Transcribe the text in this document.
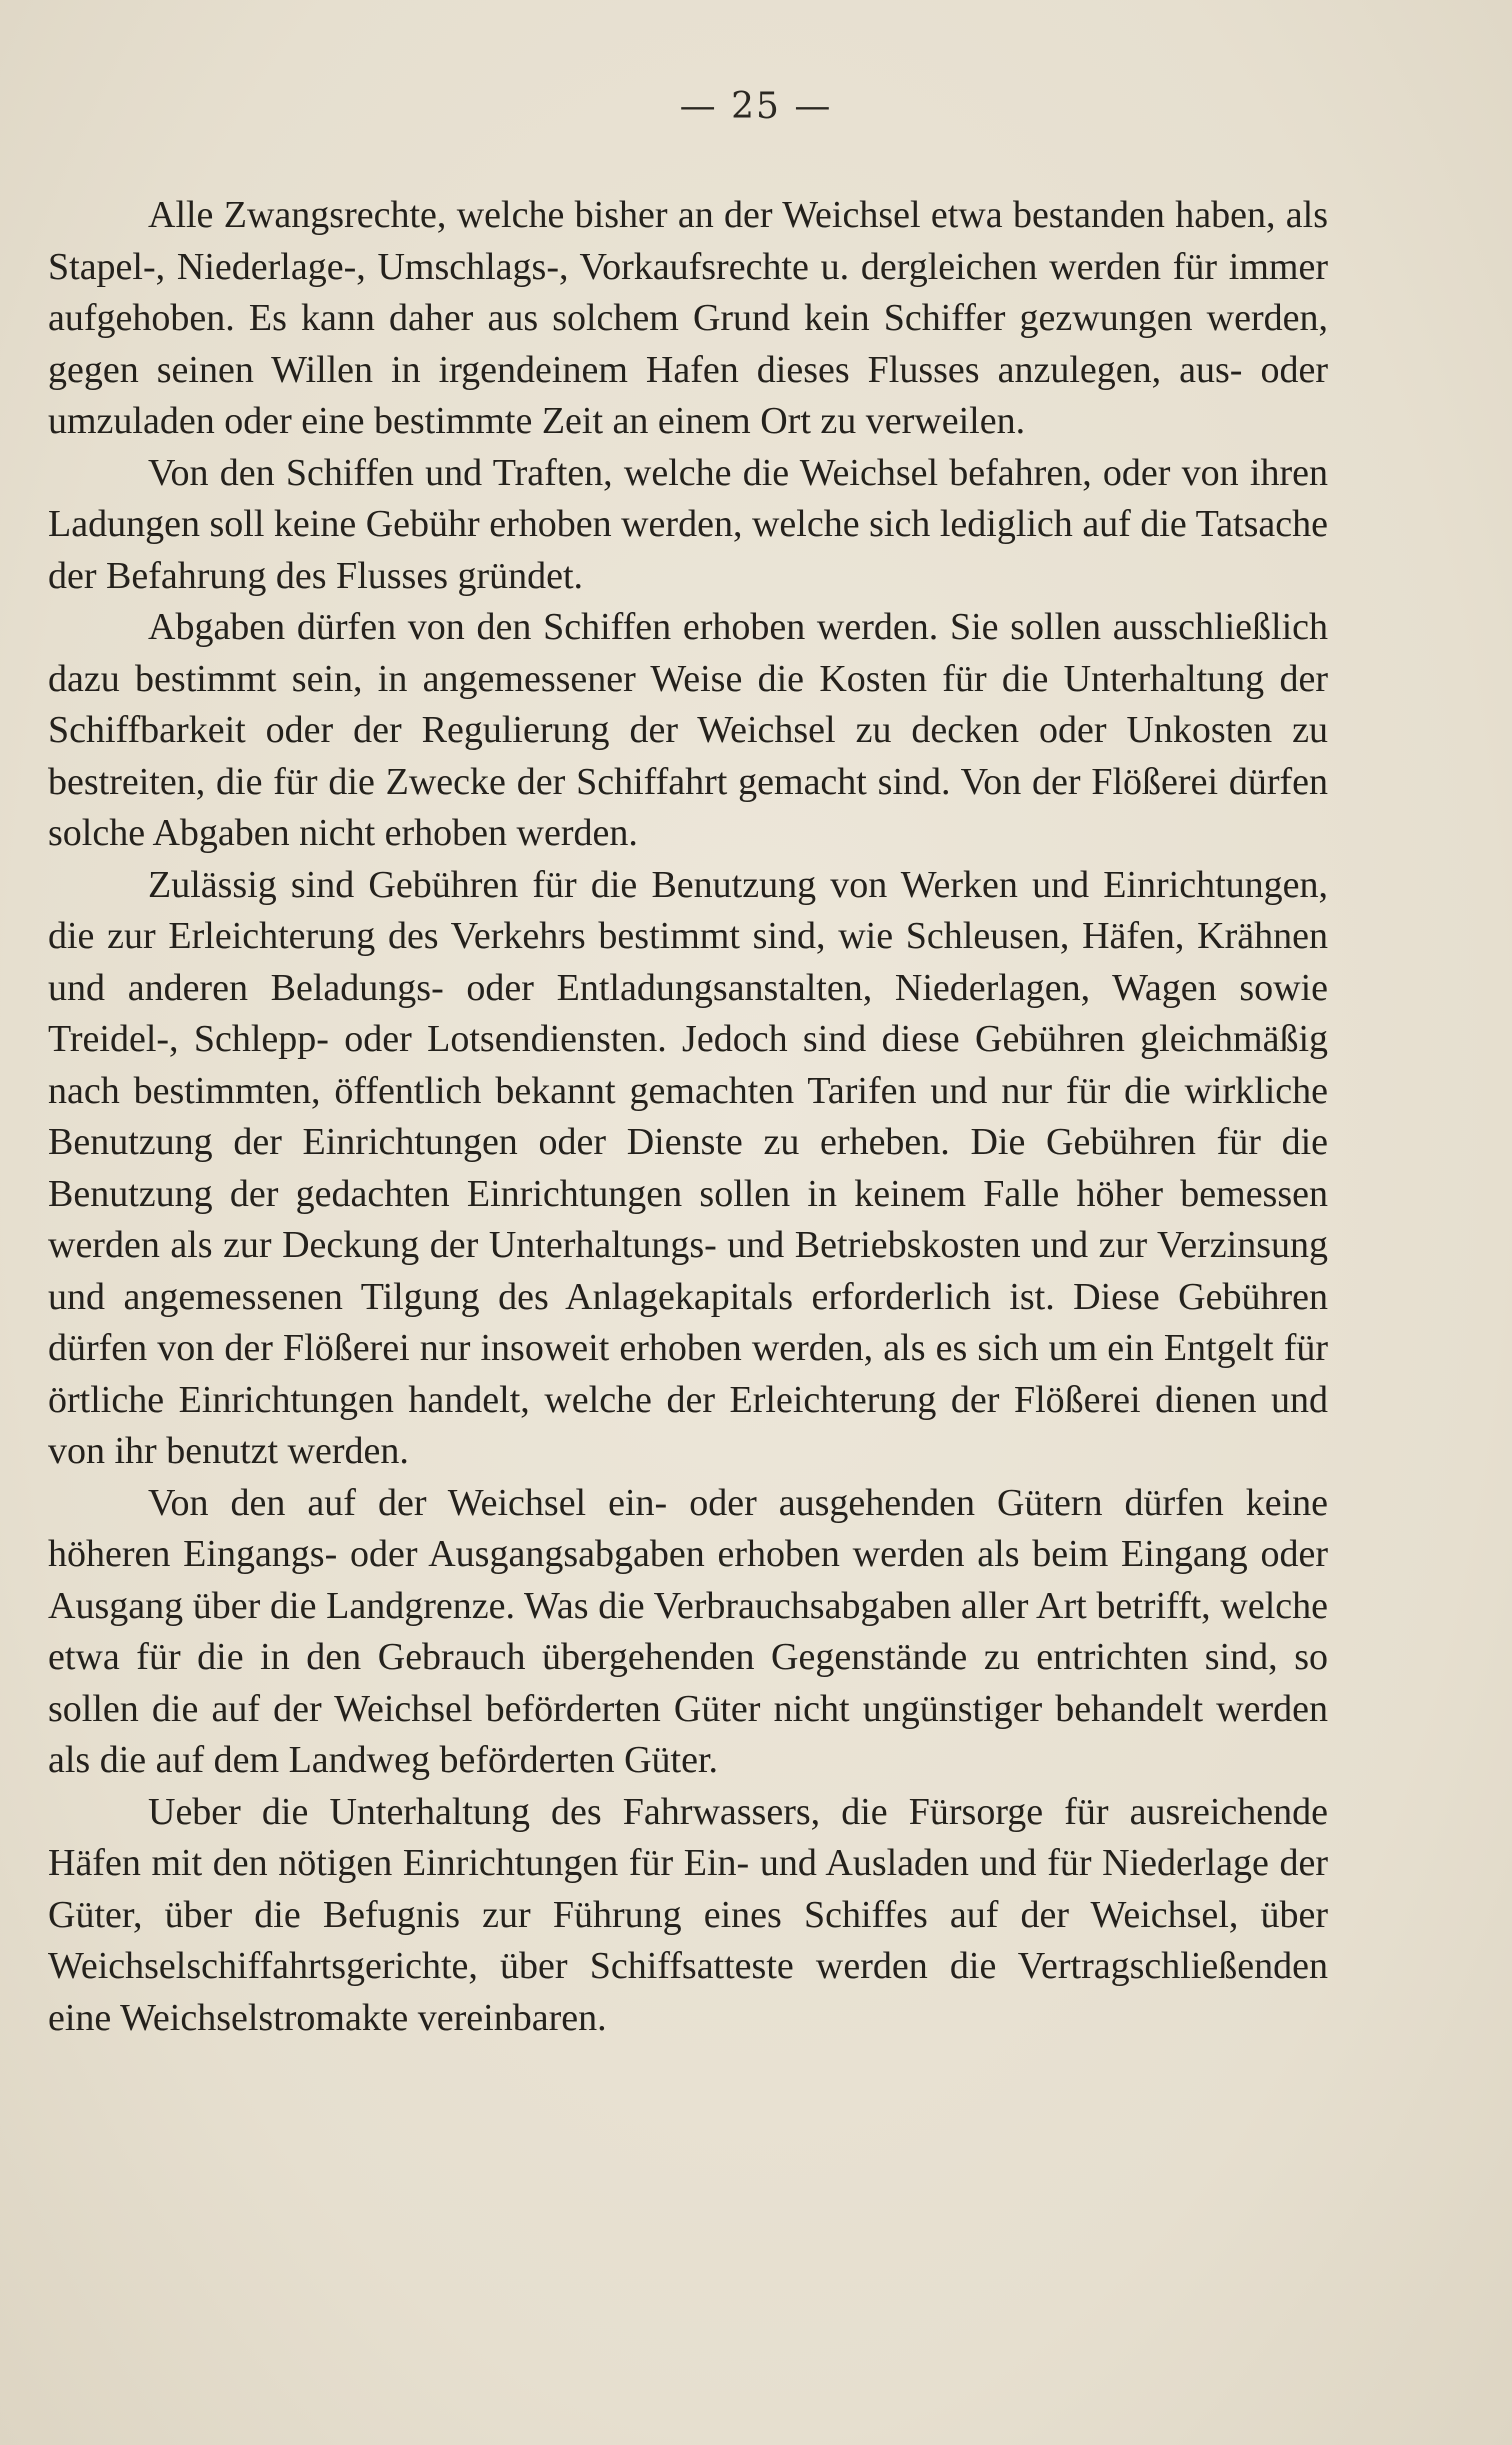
— 25 —

Alle Zwangsrechte, welche bisher an der Weichsel etwa bestanden haben, als Stapel-, Niederlage-, Umschlags-, Vorkaufsrechte u. dergleichen werden für immer aufgehoben. Es kann daher aus solchem Grund kein Schiffer gezwungen werden, gegen seinen Willen in irgendeinem Hafen dieses Flusses anzulegen, aus- oder umzuladen oder eine bestimmte Zeit an einem Ort zu verweilen.

Von den Schiffen und Traften, welche die Weichsel befahren, oder von ihren Ladungen soll keine Gebühr erhoben werden, welche sich lediglich auf die Tatsache der Befahrung des Flusses gründet.

Abgaben dürfen von den Schiffen erhoben werden. Sie sollen ausschließlich dazu bestimmt sein, in angemessener Weise die Kosten für die Unterhaltung der Schiffbarkeit oder der Regulierung der Weichsel zu decken oder Unkosten zu bestreiten, die für die Zwecke der Schiffahrt gemacht sind. Von der Flößerei dürfen solche Abgaben nicht erhoben werden.

Zulässig sind Gebühren für die Benutzung von Werken und Einrichtungen, die zur Erleichterung des Verkehrs bestimmt sind, wie Schleusen, Häfen, Krähnen und anderen Beladungs- oder Entladungsanstalten, Niederlagen, Wagen sowie Treidel-, Schlepp- oder Lotsendiensten. Jedoch sind diese Gebühren gleichmäßig nach bestimmten, öffentlich bekannt gemachten Tarifen und nur für die wirkliche Benutzung der Einrichtungen oder Dienste zu erheben. Die Gebühren für die Benutzung der gedachten Einrichtungen sollen in keinem Falle höher bemessen werden als zur Deckung der Unterhaltungs- und Betriebskosten und zur Verzinsung und angemessenen Tilgung des Anlagekapitals erforderlich ist. Diese Gebühren dürfen von der Flößerei nur insoweit erhoben werden, als es sich um ein Entgelt für örtliche Einrichtungen handelt, welche der Erleichterung der Flößerei dienen und von ihr benutzt werden.

Von den auf der Weichsel ein- oder ausgehenden Gütern dürfen keine höheren Eingangs- oder Ausgangsabgaben erhoben werden als beim Eingang oder Ausgang über die Landgrenze. Was die Verbrauchsabgaben aller Art betrifft, welche etwa für die in den Gebrauch übergehenden Gegenstände zu entrichten sind, so sollen die auf der Weichsel beförderten Güter nicht ungünstiger behandelt werden als die auf dem Landweg beförderten Güter.

Ueber die Unterhaltung des Fahrwassers, die Fürsorge für ausreichende Häfen mit den nötigen Einrichtungen für Ein- und Ausladen und für Niederlage der Güter, über die Befugnis zur Führung eines Schiffes auf der Weichsel, über Weichselschiffahrtsgerichte, über Schiffsatteste werden die Vertragschließenden eine Weichselstromakte vereinbaren.
